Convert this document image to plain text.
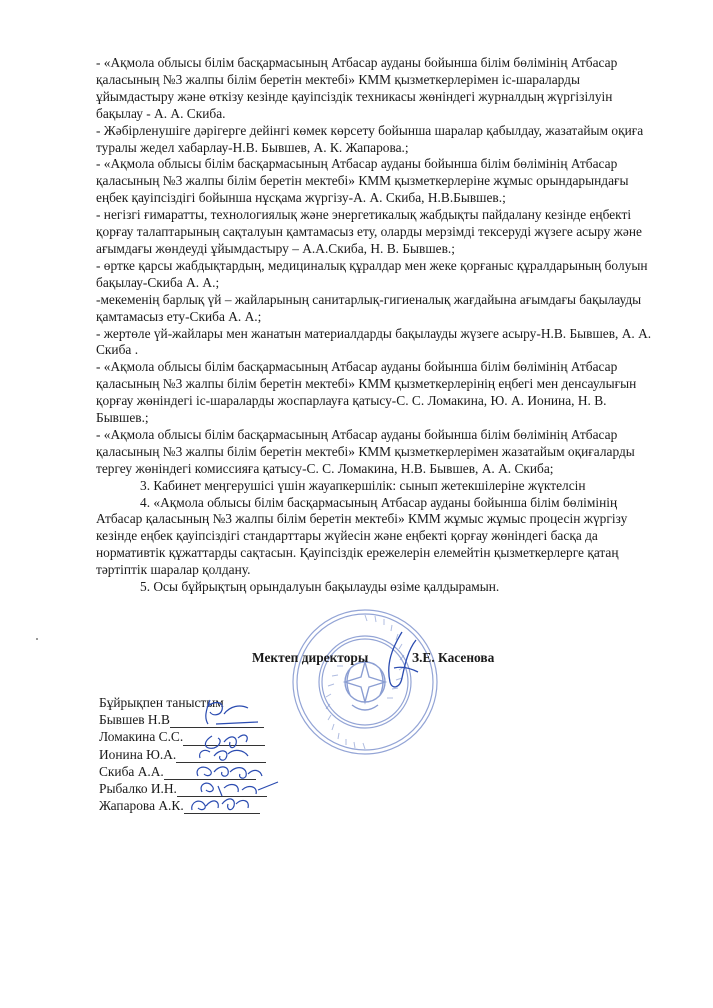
- «Ақмола облысы білім басқармасының Атбасар ауданы бойынша білім бөлімінің Атбасар қаласының №3 жалпы білім беретін мектебі» КММ қызметкерлерімен іс-шараларды ұйымдастыру және өткізу кезінде қауіпсіздік техникасы жөніндегі журналдың жүргізілуін бақылау - А. А. Скиба.

- Жәбірленушіге дәрігерге дейінгі көмек көрсету бойынша шаралар қабылдау, жазатайым оқиға туралы жедел хабарлау-Н.В. Бывшев, А. К. Жапарова.;

- «Ақмола облысы білім басқармасының Атбасар ауданы бойынша білім бөлімінің Атбасар қаласының №3 жалпы білім беретін мектебі» КММ қызметкерлеріне жұмыс орындарындағы еңбек қауіпсіздігі бойынша нұсқама жүргізу-А. А. Скиба, Н.В.Бывшев.;

- негізгі ғимаратты, технологиялық және энергетикалық жабдықты пайдалану кезінде еңбекті қорғау талаптарының сақталуын қамтамасыз ету, оларды мерзімді тексеруді жүзеге асыру және ағымдағы жөндеуді ұйымдастыру – А.А.Скиба, Н. В. Бывшев.;

- өртке қарсы жабдықтардың, медициналық құралдар мен жеке қорғаныс құралдарының болуын бақылау-Скиба А. А.;

-мекеменің барлық үй – жайларының санитарлық-гигиеналық жағдайына ағымдағы бақылауды қамтамасыз ету-Скиба А. А.;

- жертөле үй-жайлары мен жанатын материалдарды бақылауды жүзеге асыру-Н.В. Бывшев, А. А. Скиба .

- «Ақмола облысы білім басқармасының Атбасар ауданы бойынша білім бөлімінің Атбасар қаласының №3 жалпы білім беретін мектебі» КММ қызметкерлерінің еңбегі мен денсаулығын қорғау жөніндегі іс-шараларды жоспарлауға қатысу-С. С. Ломакина, Ю. А. Ионина, Н. В. Бывшев.;

- «Ақмола облысы білім басқармасының Атбасар ауданы бойынша білім бөлімінің Атбасар қаласының №3 жалпы білім беретін мектебі» КММ қызметкерлерімен жазатайым оқиғаларды тергеу жөніндегі комиссияға қатысу-С. С. Ломакина, Н.В. Бывшев, А. А. Скиба;

3. Кабинет меңгерушісі үшін жауапкершілік: сынып жетекшілеріне жүктелсін

4. «Ақмола облысы білім басқармасының Атбасар ауданы бойынша білім бөлімінің Атбасар қаласының №3 жалпы білім беретін мектебі» КММ жұмыс жұмыс процесін жүргізу кезінде еңбек қауіпсіздігі стандарттары жүйесін және еңбекті қорғау жөніндегі басқа да нормативтік құжаттарды сақтасын. Қауіпсіздік ережелерін елемейтін қызметкерлерге қатаң тәртіптік шаралар қолдану.

5. Осы бұйрықтың орындалуын бақылауды өзіме қалдырамын.

Мектеп директоры	З.Е. Касенова
Бұйрықпен таныстым
Бывшев Н.В
Ломакина С.С.
Ионина Ю.А.
Скиба А.А.
Рыбалко И.Н.
Жапарова А.К.
